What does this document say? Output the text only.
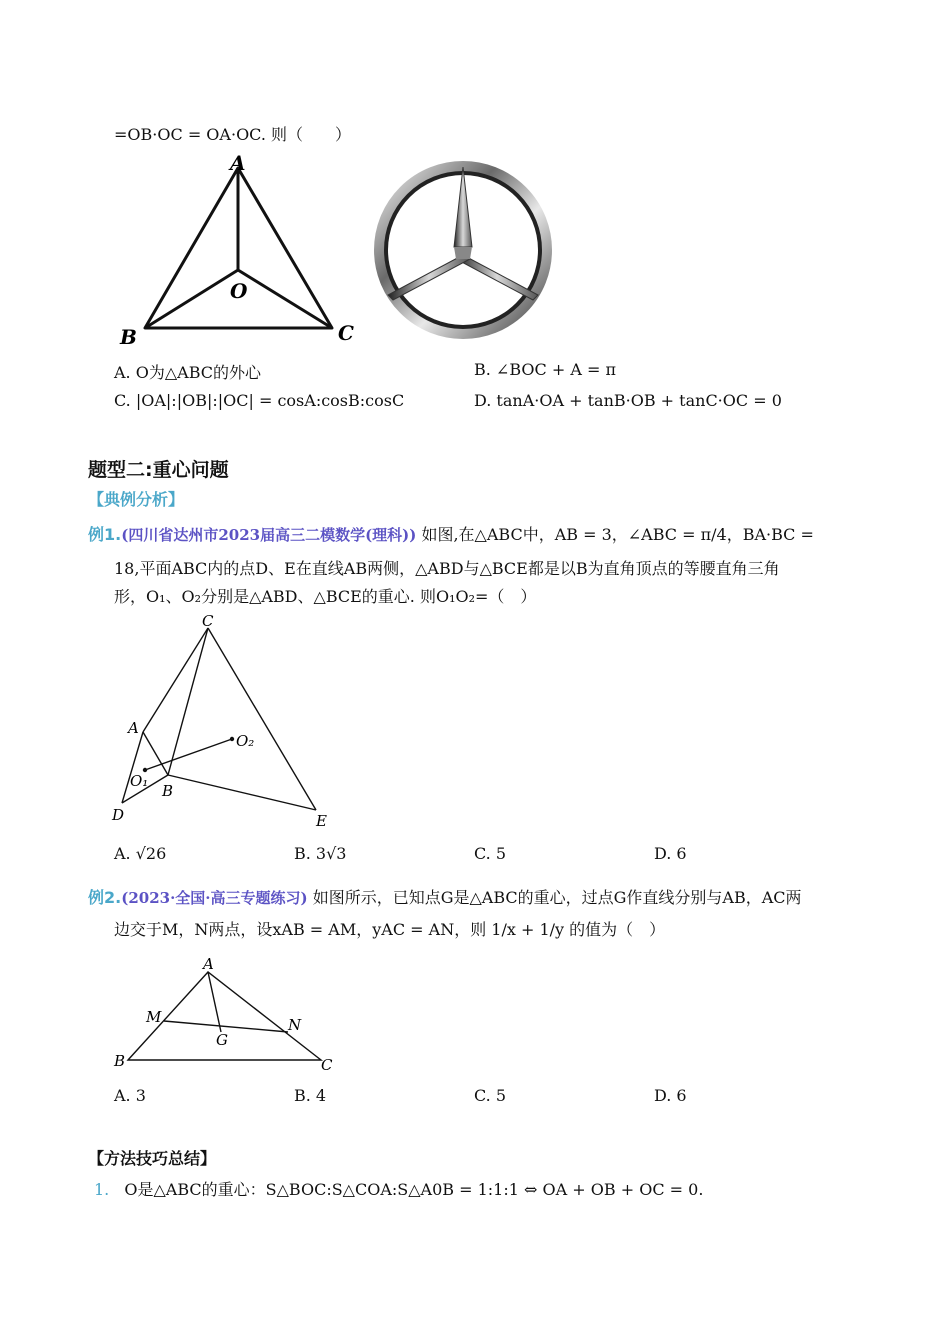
=OB·OC = OA·OC. 则（　　）
A
O
B	C
A. O为△ABC的外心	B. ∠BOC + A = π
C. |OA|:|OB|:|OC| = cosA:cosB:cosC	D. tanA·OA + tanB·OB + tanC·OC = 0
题型二:重心问题
【典例分析】
例1.(四川省达州市2023届高三二模数学(理科)) 如图,在△ABC中，AB = 3，∠ABC = π/4，BA·BC =
18,平面ABC内的点D、E在直线AB两侧，△ABD与△BCE都是以B为直角顶点的等腰直角三角
形，O₁、O₂分别是△ABD、△BCE的重心. 则O₁O₂=（　）
C
A
O₂
O₁
B
D	E
A. √26	B. 3√3	C. 5	D. 6
例2.(2023·全国·高三专题练习) 如图所示，已知点G是△ABC的重心，过点G作直线分别与AB，AC两
边交于M，N两点，设xAB = AM，yAC = AN，则 1/x + 1/y 的值为（　）
A
M	N
G
B	C
A. 3	B. 4	C. 5	D. 6
【方法技巧总结】
1. O是△ABC的重心：S△BOC:S△COA:S△A0B = 1:1:1 ⇔ OA + OB + OC = 0.
